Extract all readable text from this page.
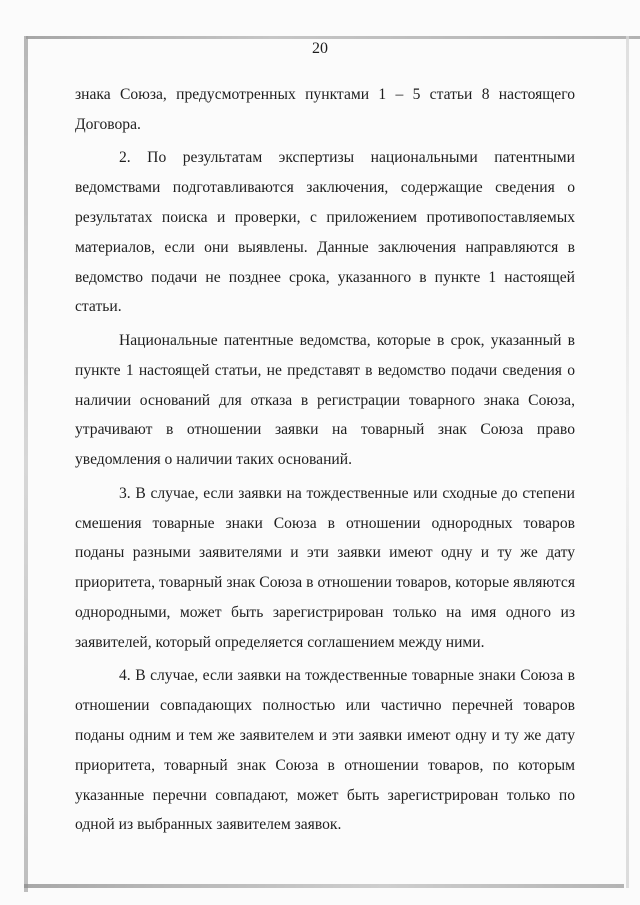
20

знака Союза, предусмотренных пунктами 1 – 5 статьи 8 настоящего Договора.

2. По результатам экспертизы национальными патентными ведомствами подготавливаются заключения, содержащие сведения о результатах поиска и проверки, с приложением противопоставляемых материалов, если они выявлены. Данные заключения направляются в ведомство подачи не позднее срока, указанного в пункте 1 настоящей статьи.

Национальные патентные ведомства, которые в срок, указанный в пункте 1 настоящей статьи, не представят в ведомство подачи сведения о наличии оснований для отказа в регистрации товарного знака Союза, утрачивают в отношении заявки на товарный знак Союза право уведомления о наличии таких оснований.

3. В случае, если заявки на тождественные или сходные до степени смешения товарные знаки Союза в отношении однородных товаров поданы разными заявителями и эти заявки имеют одну и ту же дату приоритета, товарный знак Союза в отношении товаров, которые являются однородными, может быть зарегистрирован только на имя одного из заявителей, который определяется соглашением между ними.

4. В случае, если заявки на тождественные товарные знаки Союза в отношении совпадающих полностью или частично перечней товаров поданы одним и тем же заявителем и эти заявки имеют одну и ту же дату приоритета, товарный знак Союза в отношении товаров, по которым указанные перечни совпадают, может быть зарегистрирован только по одной из выбранных заявителем заявок.
